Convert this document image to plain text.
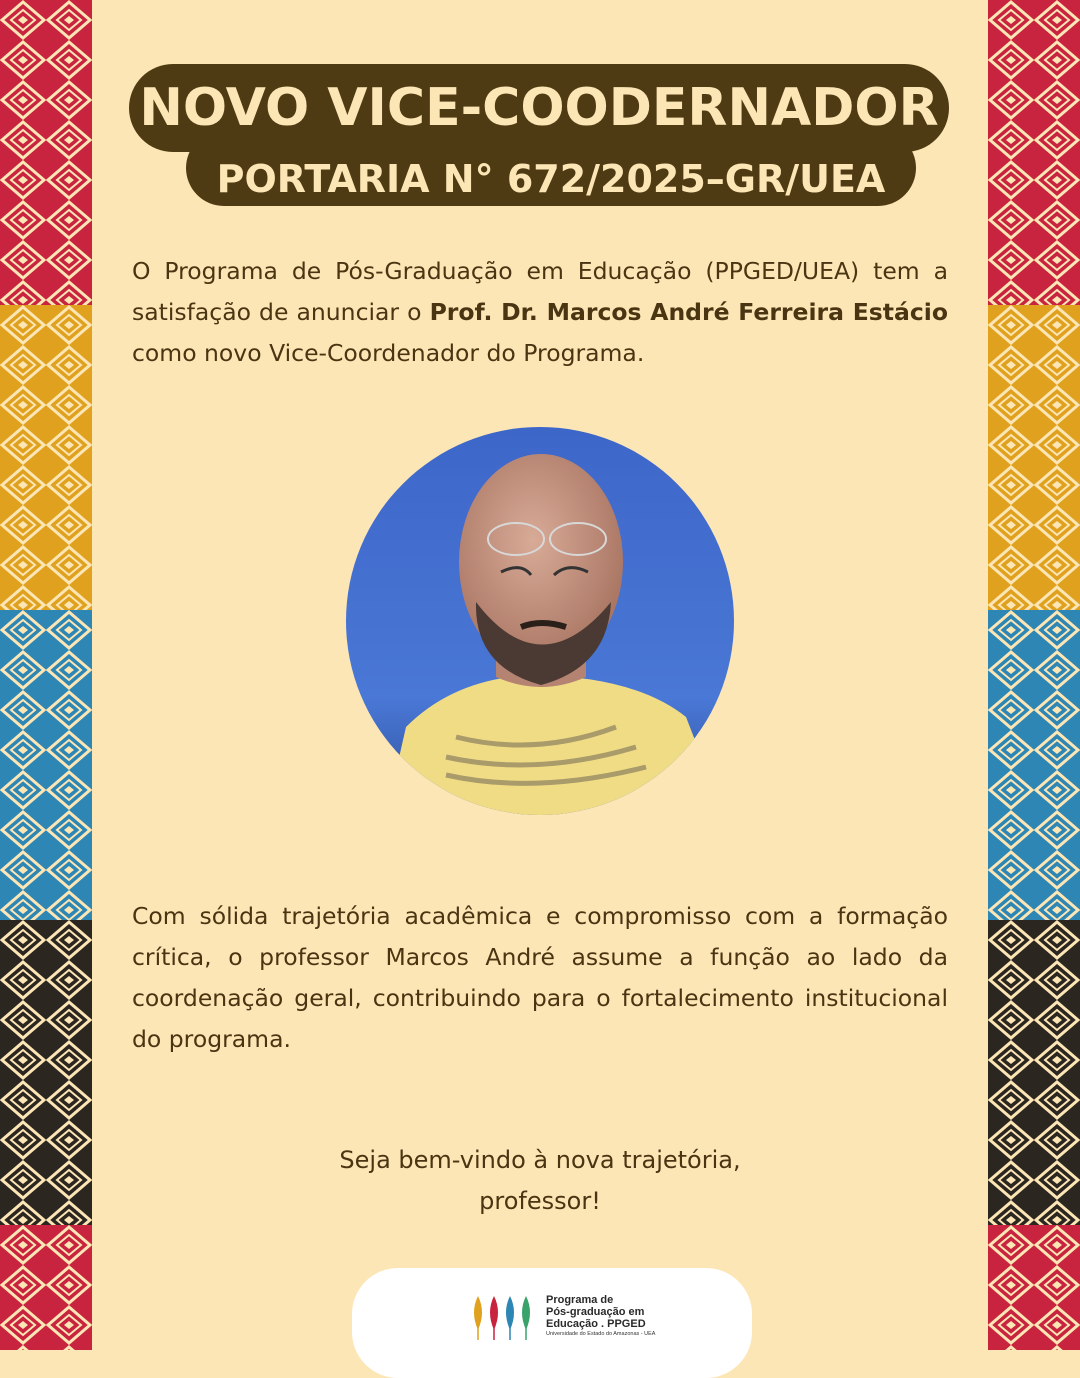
PORTARIA N° 672/2025–GR/UEA
NOVO VICE-COODERNADOR
O Programa de Pós-Graduação em Educação (PPGED/UEA) tem a satisfação de anunciar o Prof. Dr. Marcos André Ferreira Estácio como novo Vice-Coordenador do Programa.
Com sólida trajetória acadêmica e compromisso com a formação crítica, o professor Marcos André assume a função ao lado da coordenação geral, contribuindo para o fortalecimento institucional do programa.
Seja bem-vindo à nova trajetória,
professor!
Programa de
Pós-graduação em
Educação . PPGED
Universidade do Estado do Amazonas - UEA
